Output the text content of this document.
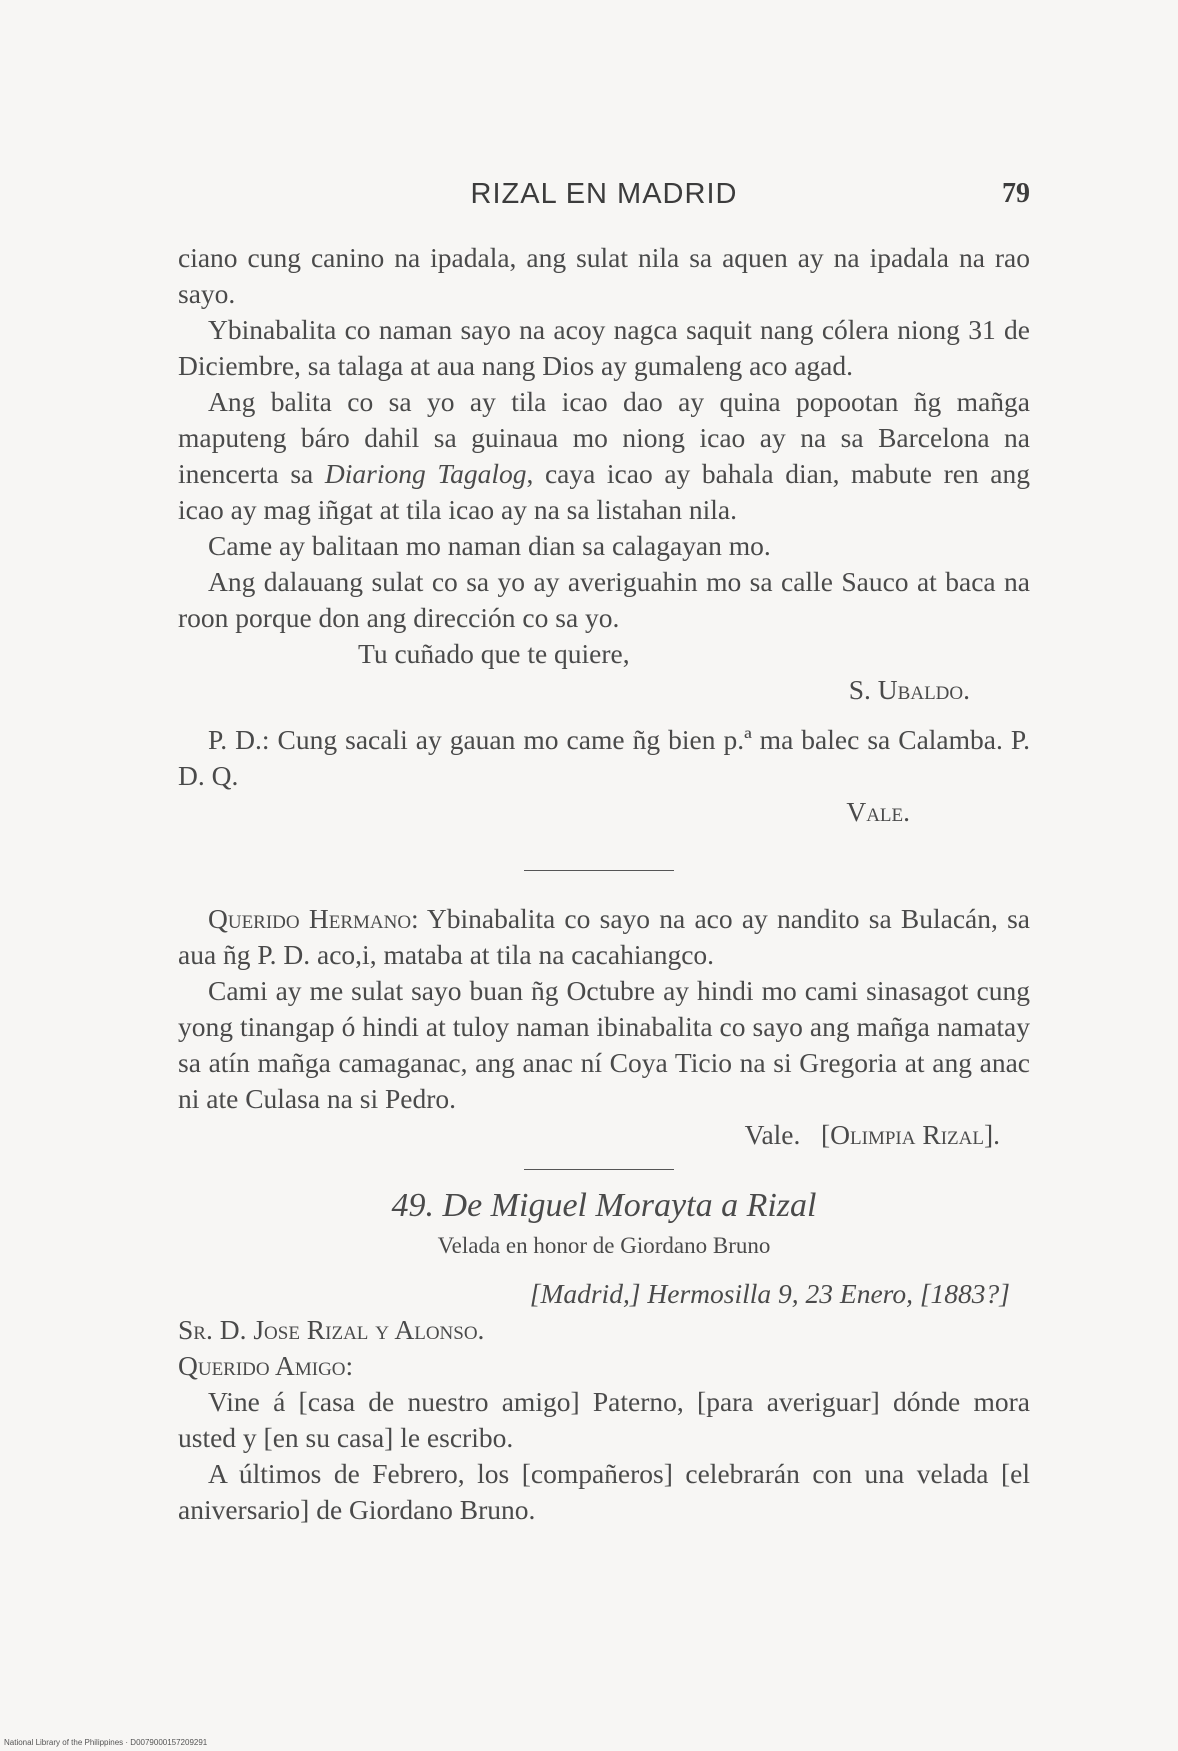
RIZAL EN MADRID	79

ciano cung canino na ipadala, ang sulat nila sa aquen ay na ipadala na rao sayo.

Ybinabalita co naman sayo na acoy nagca saquit nang cólera niong 31 de Diciembre, sa talaga at aua nang Dios ay gumaleng aco agad.

Ang balita co sa yo ay tila icao dao ay quina popootan ñg mañga maputeng báro dahil sa guinaua mo niong icao ay na sa Barcelona na inencerta sa Diariong Tagalog, caya icao ay bahala dian, mabute ren ang icao ay mag iñgat at tila icao ay na sa listahan nila.

Came ay balitaan mo naman dian sa calagayan mo.

Ang dalauang sulat co sa yo ay averiguahin mo sa calle Sauco at baca na roon porque don ang dirección co sa yo.

Tu cuñado que te quiere,

S. Ubaldo.

P. D.: Cung sacali ay gauan mo came ñg bien p.ª ma balec sa Calamba. P. D. Q.

Vale.

Querido Hermano: Ybinabalita co sayo na aco ay nandito sa Bulacán, sa aua ñg P. D. aco,i, mataba at tila na cacahiangco.

Cami ay me sulat sayo buan ñg Octubre ay hindi mo cami sinasagot cung yong tinangap ó hindi at tuloy naman ibinabalita co sayo ang mañga namatay sa atín mañga camaganac, ang anac ní Coya Ticio na si Gregoria at ang anac ni ate Culasa na si Pedro.

Vale. [Olimpia Rizal].

49. De Miguel Morayta a Rizal
Velada en honor de Giordano Bruno
[Madrid,] Hermosilla 9, 23 Enero, [1883?]

Sr. D. Jose Rizal y Alonso.

Querido Amigo:

Vine á [casa de nuestro amigo] Paterno, [para averiguar] dónde mora usted y [en su casa] le escribo.

A últimos de Febrero, los [compañeros] celebrarán con una velada [el aniversario] de Giordano Bruno.

National Library of the Philippines · D0079000157209291
